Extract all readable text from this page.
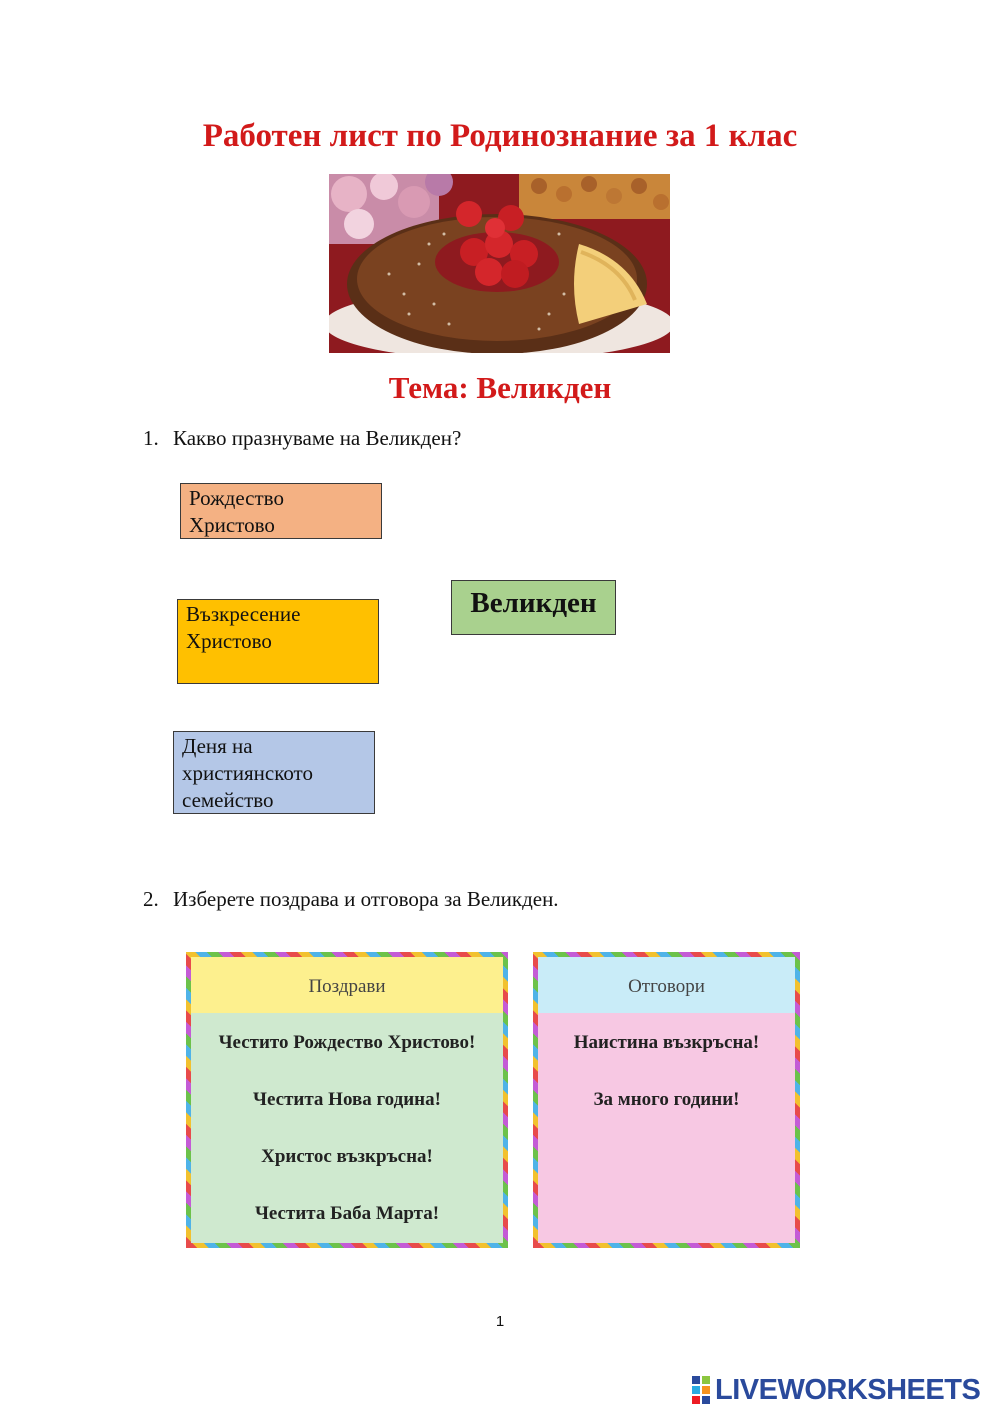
Работен лист по Родинознание за 1 клас
Тема: Великден
1. Какво празнуваме на Великден?
Рождество Христово
Възкресение Христово
Деня на християнското семейство
Великден
2. Изберете поздрава и отговора за Великден.
Поздрави
Честито Рождество Христово!
Честита Нова година!
Христос възкръсна!
Честита Баба Марта!
Отговори
Наистина възкръсна!
За много години!
1
LIVEWORKSHEETS
